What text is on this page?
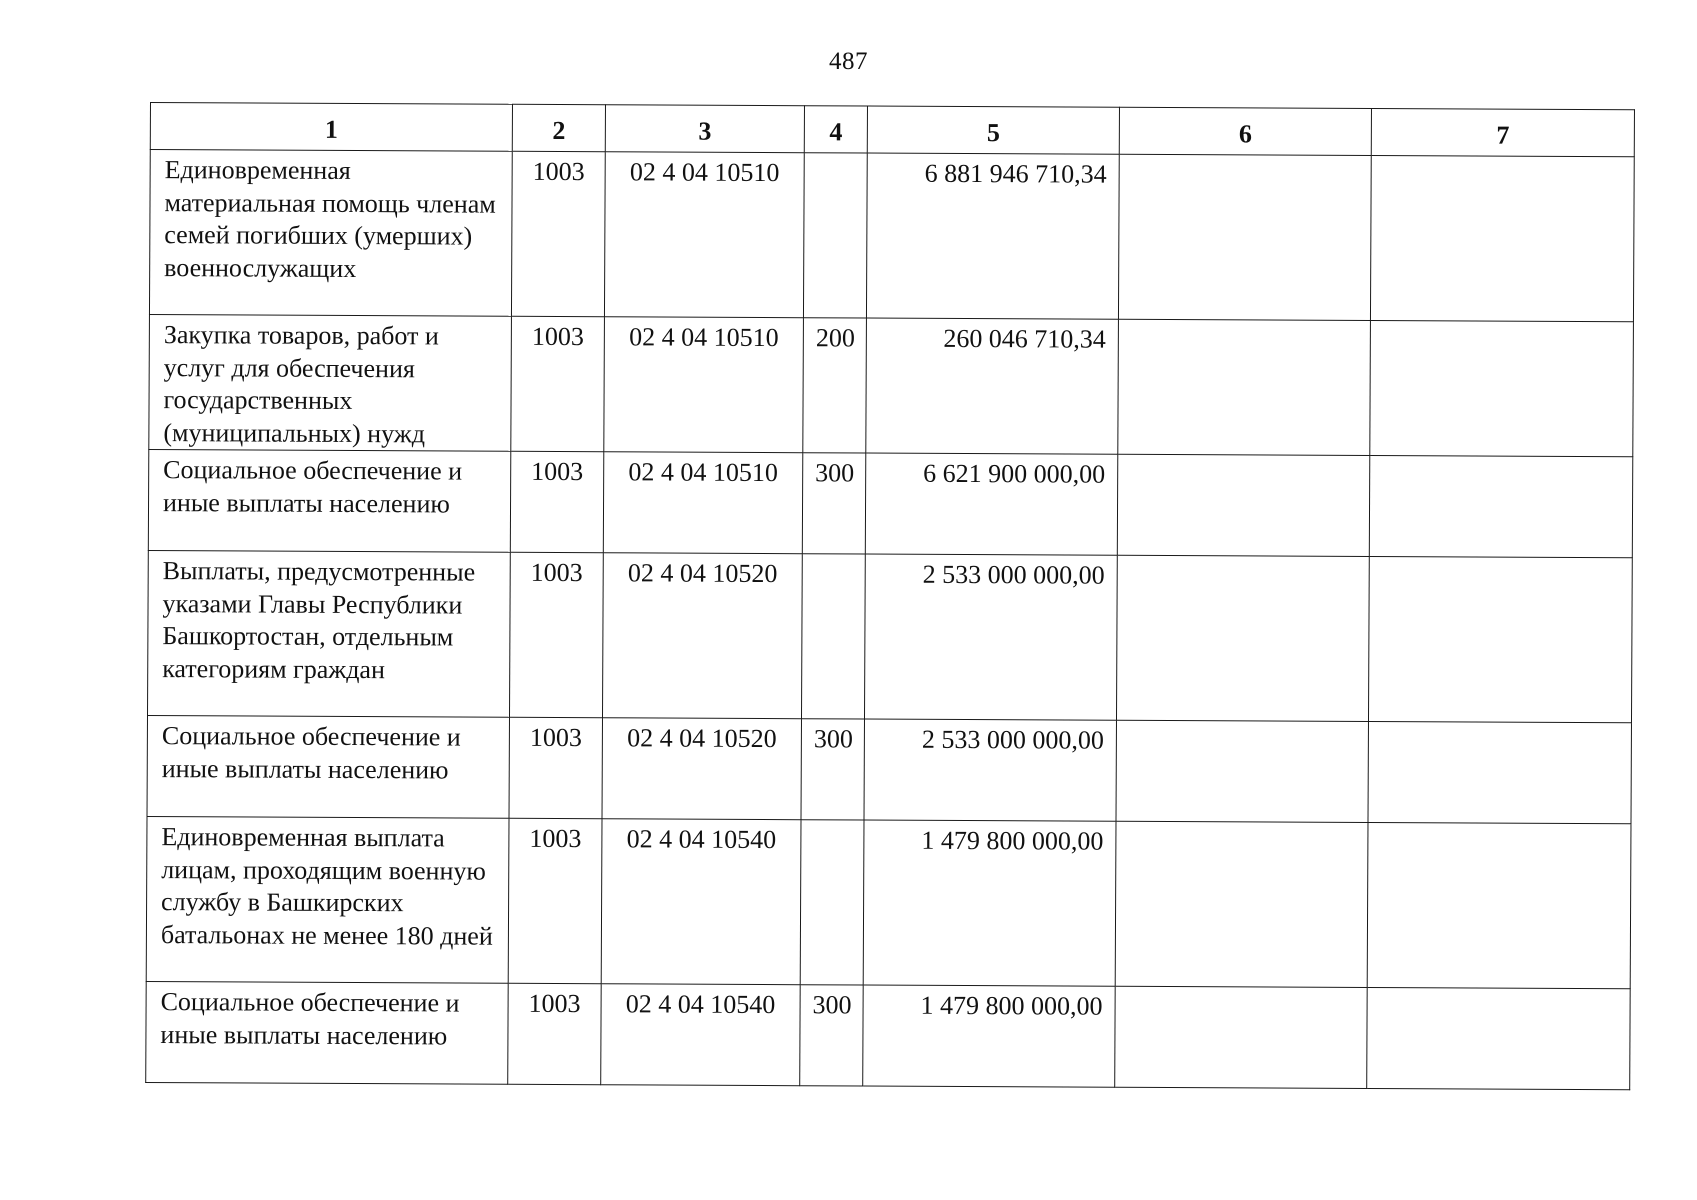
487
1	2	3	4	5	6	7
Единовременная материальная помощь членам семей погибших (умерших) военнослужащих	1003	02 4 04 10510		6 881 946 710,34		
Закупка товаров, работ и услуг для обеспечения государственных (муниципальных) нужд	1003	02 4 04 10510	200	260 046 710,34		
Социальное обеспечение и иные выплаты населению	1003	02 4 04 10510	300	6 621 900 000,00		
Выплаты, предусмотренные указами Главы Республики Башкортостан, отдельным категориям граждан	1003	02 4 04 10520		2 533 000 000,00		
Социальное обеспечение и иные выплаты населению	1003	02 4 04 10520	300	2 533 000 000,00		
Единовременная выплата лицам, проходящим военную службу в Башкирских батальонах не менее 180 дней	1003	02 4 04 10540		1 479 800 000,00		
Социальное обеспечение и иные выплаты населению	1003	02 4 04 10540	300	1 479 800 000,00		
